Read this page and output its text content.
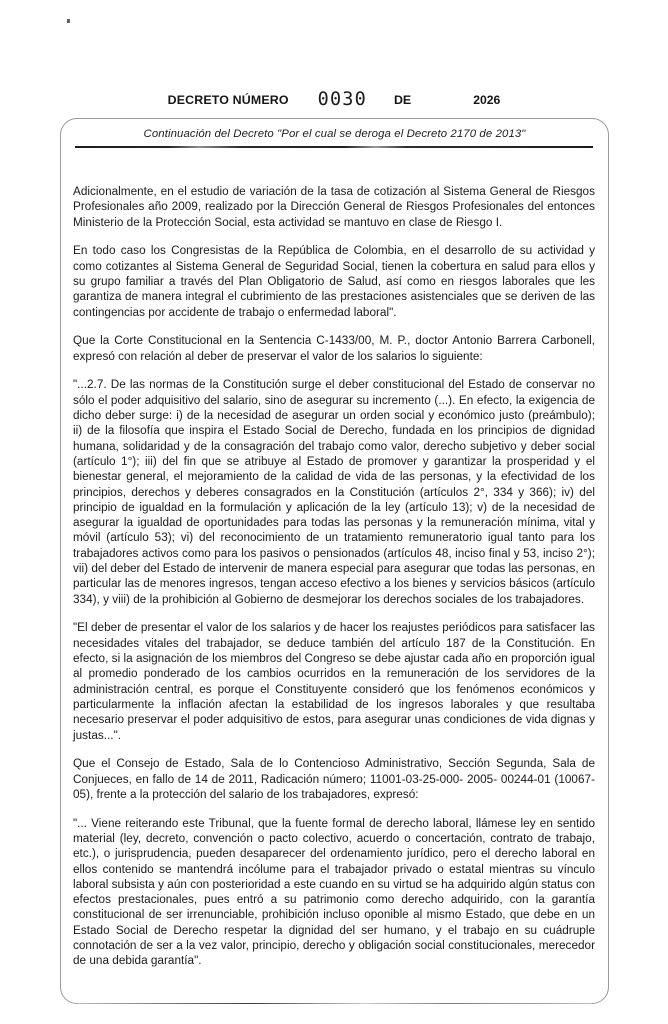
DECRETO NÚMERO 0030 DE	2026
Continuación del Decreto "Por el cual se deroga el Decreto 2170 de 2013"

Adicionalmente, en el estudio de variación de la tasa de cotización al Sistema General de Riesgos Profesionales año 2009, realizado por la Dirección General de Riesgos Profesionales del entonces Ministerio de la Protección Social, esta actividad se mantuvo en clase de Riesgo I.

En todo caso los Congresistas de la República de Colombia, en el desarrollo de su actividad y como cotizantes al Sistema General de Seguridad Social, tienen la cobertura en salud para ellos y su grupo familiar a través del Plan Obligatorio de Salud, así como en riesgos laborales que les garantiza de manera integral el cubrimiento de las prestaciones asistenciales que se deriven de las contingencias por accidente de trabajo o enfermedad laboral".

Que la Corte Constitucional en la Sentencia C-1433/00, M. P., doctor Antonio Barrera Carbonell, expresó con relación al deber de preservar el valor de los salarios lo siguiente:

"...2.7. De las normas de la Constitución surge el deber constitucional del Estado de conservar no sólo el poder adquisitivo del salario, sino de asegurar su incremento (...). En efecto, la exigencia de dicho deber surge: i) de la necesidad de asegurar un orden social y económico justo (preámbulo); ii) de la filosofía que inspira el Estado Social de Derecho, fundada en los principios de dignidad humana, solidaridad y de la consagración del trabajo como valor, derecho subjetivo y deber social (artículo 1°); iii) del fin que se atribuye al Estado de promover y garantizar la prosperidad y el bienestar general, el mejoramiento de la calidad de vida de las personas, y la efectividad de los principios, derechos y deberes consagrados en la Constitución (artículos 2°, 334 y 366); iv) del principio de igualdad en la formulación y aplicación de la ley (artículo 13); v) de la necesidad de asegurar la igualdad de oportunidades para todas las personas y la remuneración mínima, vital y móvil (artículo 53); vi) del reconocimiento de un tratamiento remuneratorio igual tanto para los trabajadores activos como para los pasivos o pensionados (artículos 48, inciso final y 53, inciso 2°); vii) del deber del Estado de intervenir de manera especial para asegurar que todas las personas, en particular las de menores ingresos, tengan acceso efectivo a los bienes y servicios básicos (artículo 334), y viii) de la prohibición al Gobierno de desmejorar los derechos sociales de los trabajadores.

"El deber de presentar el valor de los salarios y de hacer los reajustes periódicos para satisfacer las necesidades vitales del trabajador, se deduce también del artículo 187 de la Constitución. En efecto, si la asignación de los miembros del Congreso se debe ajustar cada año en proporción igual al promedio ponderado de los cambios ocurridos en la remuneración de los servidores de la administración central, es porque el Constituyente consideró que los fenómenos económicos y particularmente la inflación afectan la estabilidad de los ingresos laborales y que resultaba necesario preservar el poder adquisitivo de estos, para asegurar unas condiciones de vida dignas y justas...".

Que el Consejo de Estado, Sala de lo Contencioso Administrativo, Sección Segunda, Sala de Conjueces, en fallo de 14 de 2011, Radicación número; 11001-03-25-000- 2005- 00244-01 (10067-05), frente a la protección del salario de los trabajadores, expresó:

"... Viene reiterando este Tribunal, que la fuente formal de derecho laboral, llámese ley en sentido material (ley, decreto, convención o pacto colectivo, acuerdo o concertación, contrato de trabajo, etc.), o jurisprudencia, pueden desaparecer del ordenamiento jurídico, pero el derecho laboral en ellos contenido se mantendrá incólume para el trabajador privado o estatal mientras su vínculo laboral subsista y aún con posterioridad a este cuando en su virtud se ha adquirido algún status con efectos prestacionales, pues entró a su patrimonio como derecho adquirido, con la garantía constitucional de ser irrenunciable, prohibición incluso oponible al mismo Estado, que debe en un Estado Social de Derecho respetar la dignidad del ser humano, y el trabajo en su cuádruple connotación de ser a la vez valor, principio, derecho y obligación social constitucionales, merecedor de una debida garantía".
